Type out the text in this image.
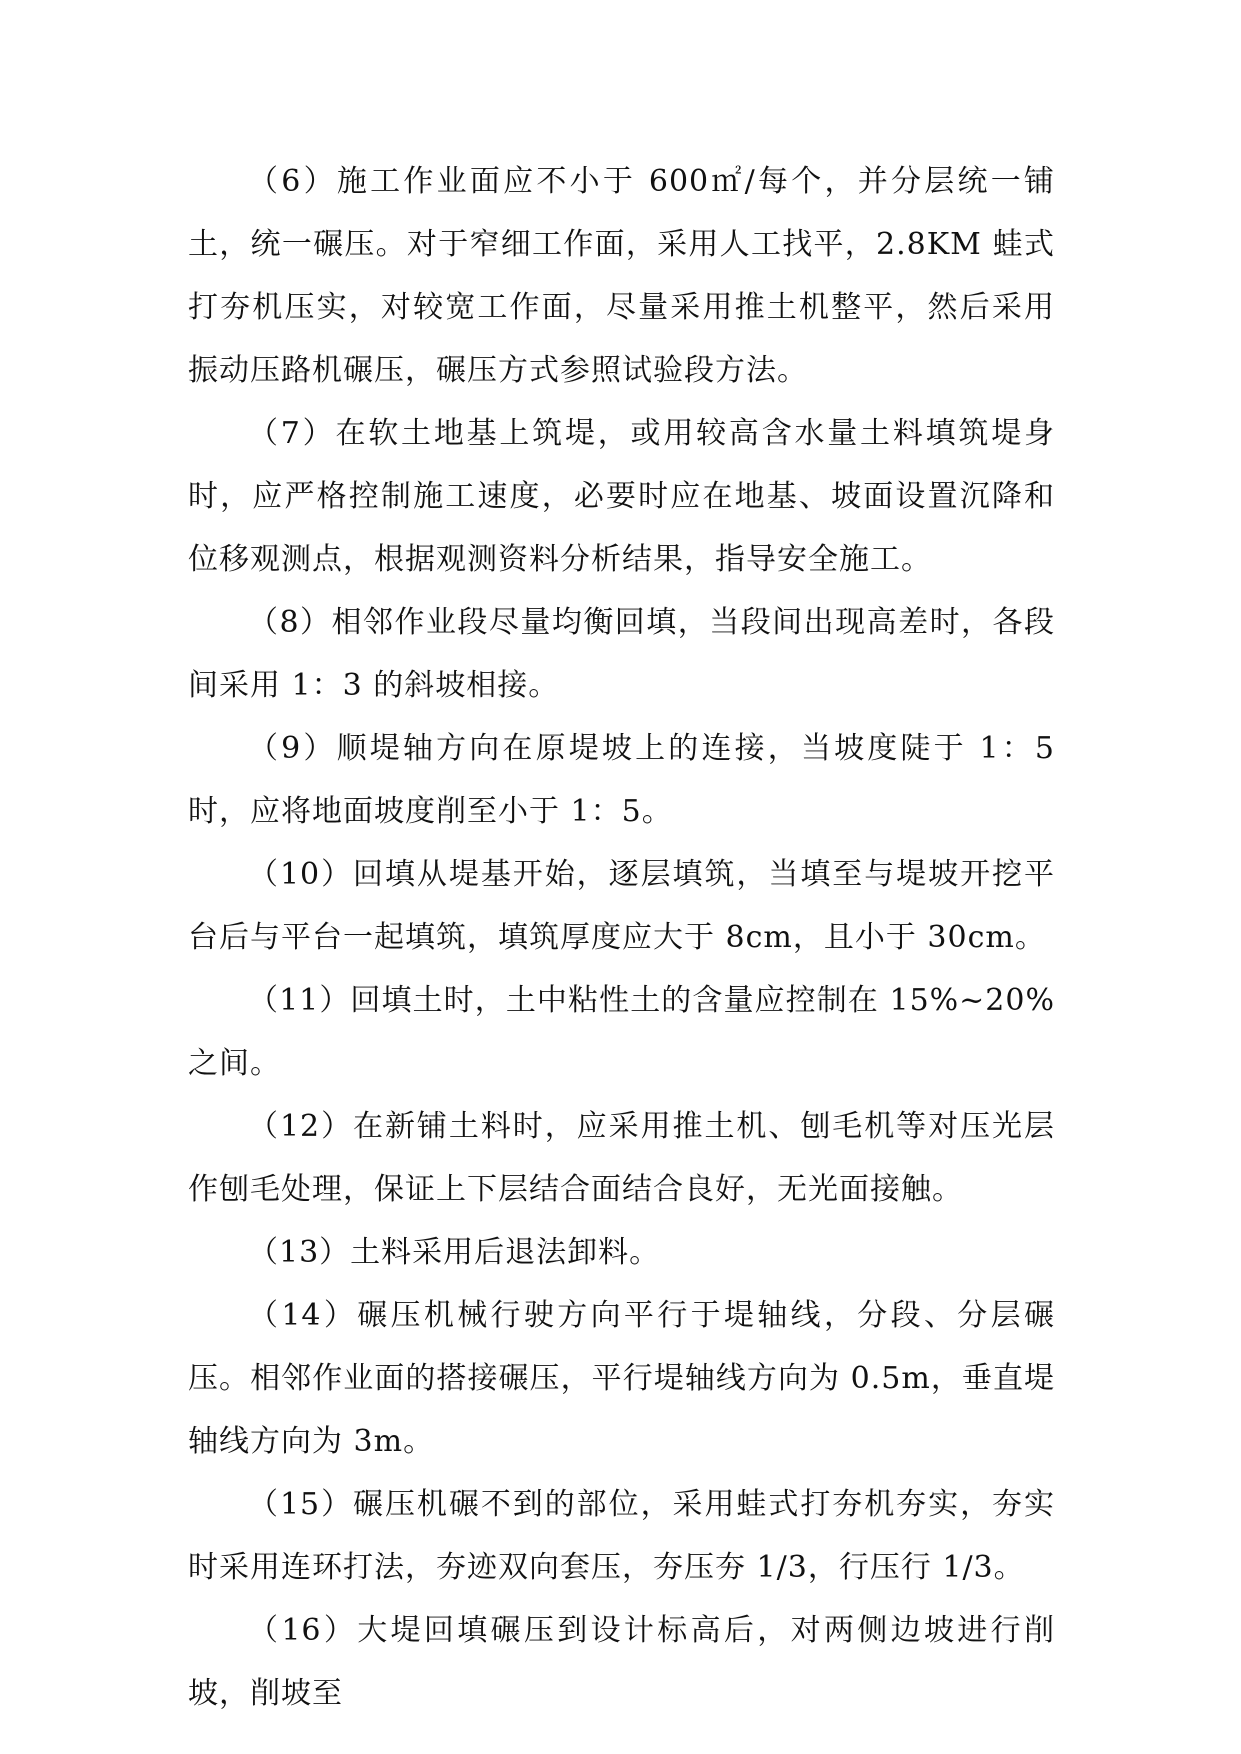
（6）施工作业面应不小于 600㎡/每个，并分层统一铺土，统一碾压。对于窄细工作面，采用人工找平，2.8KM 蛙式打夯机压实，对较宽工作面，尽量采用推土机整平，然后采用振动压路机碾压，碾压方式参照试验段方法。

（7）在软土地基上筑堤，或用较高含水量土料填筑堤身时，应严格控制施工速度，必要时应在地基、坡面设置沉降和位移观测点，根据观测资料分析结果，指导安全施工。

（8）相邻作业段尽量均衡回填，当段间出现高差时，各段间采用 1：3 的斜坡相接。

（9）顺堤轴方向在原堤坡上的连接，当坡度陡于 1：5 时，应将地面坡度削至小于 1：5。

（10）回填从堤基开始，逐层填筑，当填至与堤坡开挖平台后与平台一起填筑，填筑厚度应大于 8cm，且小于 30cm。

（11）回填土时，土中粘性土的含量应控制在 15%~20%之间。

（12）在新铺土料时，应采用推土机、刨毛机等对压光层作刨毛处理，保证上下层结合面结合良好，无光面接触。

（13）土料采用后退法卸料。

（14）碾压机械行驶方向平行于堤轴线，分段、分层碾压。相邻作业面的搭接碾压，平行堤轴线方向为 0.5m，垂直堤轴线方向为 3m。

（15）碾压机碾不到的部位，采用蛙式打夯机夯实，夯实时采用连环打法，夯迹双向套压，夯压夯 1/3，行压行 1/3。

（16）大堤回填碾压到设计标高后，对两侧边坡进行削坡，削坡至
